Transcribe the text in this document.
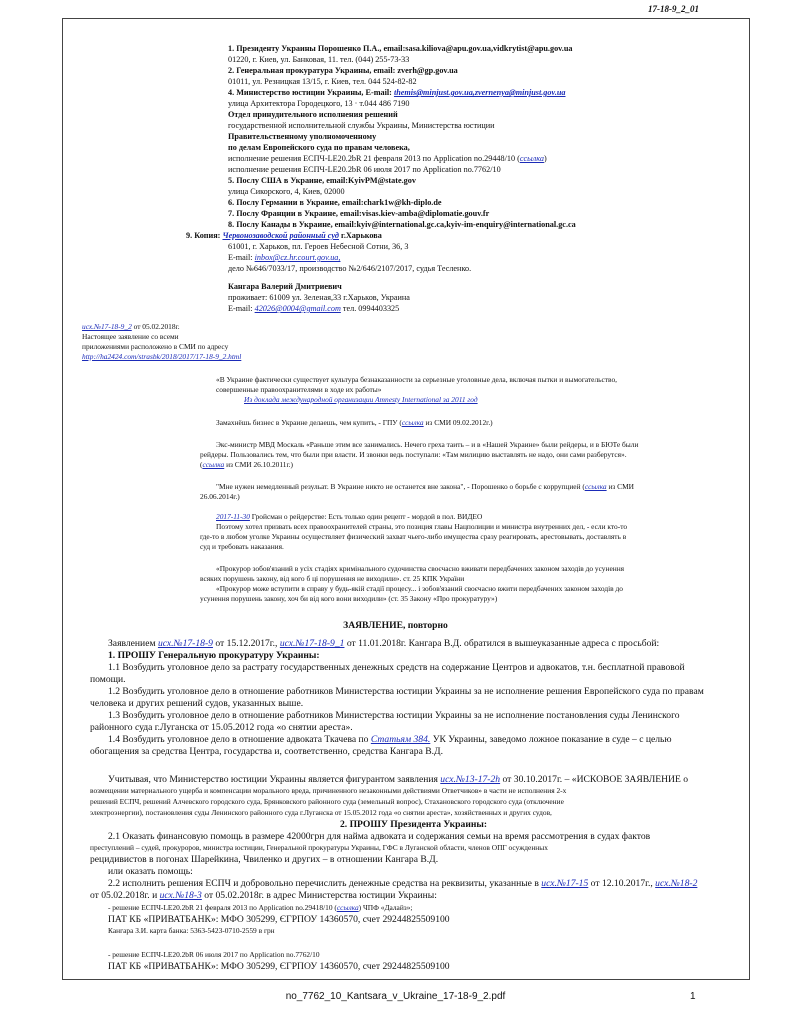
17-18-9_2_01
1. Президенту Украины Порошенко П.А., email:sasa.kiliova@apu.gov.ua,vidkrytist@apu.gov.ua
01220, г. Киев, ул. Банковая, 11. тел. (044) 255-73-33
2. Генеральная прокуратура Украины, email: zverh@gp.gov.ua
01011, ул. Резницкая 13/15, г. Киев, тел. 044 524-82-82
4. Министерство юстиции Украины, E-mail: themis@minjust.gov.ua,zvernenya@minjust.gov.ua
улица Архитектора Городецкого, 13 · т.044 486 7190
Отдел принудительного исполнения решений
государственной исполнительной службы Украины, Министерства юстиции
Правительственному уполномоченному
по делам Европейского суда по правам человека,
исполнение решения ЕСПЧ-LE20.2bR 21 февраля 2013 по Application no.29448/10 (ссылка)
исполнение решения ЕСПЧ-LE20.2bR 06 июля 2017 по Application no.7762/10
5. Послу США в Украине, email:KyivPM@state.gov
улица Сикорского, 4, Киев, 02000
6. Послу Германии в Украине, email:chark1w@kh-diplo.de
7. Послу Франции в Украине, email:visas.kiev-amba@diplomatie.gouv.fr
8. Послу Канады в Украине, email:kyiv@international.gc.ca,kyiv-im-enquiry@international.gc.ca
9. Копия: Червонозаводской районный суд г.Харькова
61001, г. Харьков, пл. Героев Небесной Сотни, 36, 3
E-mail: inbox@cz.hr.court.gov.ua,
дело №646/7033/17, производство №2/646/2107/2017, судья Тесленко.
Кангара Валерий Дмитриевич
проживает: 61009 ул. Зеленая,33 г.Харьков, Украина
E-mail: 42026@0004@gmail.com тел. 0994403325
исх.№17-18-9_2 от 05.02.2018г.
Настоящее заявление со всеми
приложениями расположено в СМИ по адресу
http://ha2424.com/strasbk/2018/2017/17-18-9_2.html
«В Украине фактически существует культура безнаказанности за серьезные уголовные дела, включая пытки и вымогательство,
совершенные правоохранителями в ходе их работы»
Из доклада международной организации Amnesty International за 2011 год
Замахнёшь бизнес в Украине делаешь, чем купить, - ГПУ (ссылка из СМИ 09.02.2012г.)
Экс-министр МВД Москаль «Раньше этим все занимались. Нечего греха таить – и в «Нашей Украине» были рейдеры, и в БЮТе были
рейдеры. Пользовались тем, что были при власти. И звонки ведь поступали: «Там милицию выставлять не надо, они сами разберутся».
(ссылка из СМИ 26.10.2011г.)
"Мне нужен немедленный резульат. В Украине никто не останется вне закона", - Порошенко о борьбе с коррупцией (ссылка из СМИ
26.06.2014г.)
2017-11-30 Гройсман о рейдерстве: Есть только один рецепт - мордой в пол. ВИДЕО
Поэтому хотел призвать всех правоохранителей страны, это позиция главы Нацполиции и министра внутренних дел, - если кто-то
где-то в любом уголке Украины осуществляет физический захват чьего-либо имущества сразу реагировать, арестовывать, доставлять в
суд и требовать наказания.
«Прокурор зобов'язаний в усіх стадіях кримінального судочинства своєчасно вживати передбачених законом заходів до усунення
всяких порушень закону, від кого б ці порушення не виходили». ст. 25 КПК України
«Прокурор може вступити в справу у будь-якій стадії процесу... і зобов'язаний своєчасно вжити передбачених законом заходів до
усунення порушень закону, хоч би від кого вони виходили» (ст. 35 Закону «Про прокуратуру»)
ЗАЯВЛЕНИЕ, повторно
Заявлением исх.№17-18-9 от 15.12.2017г., исх.№17-18-9_1 от 11.01.2018г. Кангара В.Д. обратился в вышеуказанные адреса с просьбой:
1. ПРОШУ Генеральную прокуратуру Украины:
1.1 Возбудить уголовное дело за растрату государственных денежных средств на содержание Центров и адвокатов, т.н. бесплатной правовой
помощи.
1.2 Возбудить уголовное дело в отношение работников Министерства юстиции Украины за не исполнение решения Европейского суда по правам
человека и других решений судов, указанных выше.
1.3 Возбудить уголовное дело в отношение работников Министерства юстиции Украины за не исполнение постановления суды Ленинского
районного суда г.Луганска от 15.05.2012 года «о снятии ареста».
1.4 Возбудить уголовное дело в отношение адвоката Ткачева по Статьям 384. УК Украины, заведомо ложное показание в суде – с целью
обогащения за средства Центра, государства и, соответственно, средства Кангара В.Д.
Учитывая, что Министерство юстиции Украины является фигурантом заявления исх.№13-17-2h от 30.10.2017г. – «ИСКОВОЕ ЗАЯВЛЕНИЕ о
возмещении материального ущерба и компенсации морального вреда, причиненного незаконными действиями Ответчиков» в части не исполнения 2-х
решений ЕСПЧ, решений Алчевского городского суда, Брянковского районного суда (земельный вопрос), Стахановского городского суда (отключение
электроэнергии), постановления суды Ленинского районного суда г.Луганска от 15.05.2012 года «о снятии ареста», хозяйственных и других судов,
2. ПРОШУ Президента Украины:
2.1 Оказать финансовую помощь в размере 42000грн для найма адвоката и содержания семьи на время рассмотрения в судах фактов
преступлений – судей, прокуроров, министра юстиции, Генеральной прокуратуры Украины, ГФС в Луганской области, членов ОПГ осужденных
рецидивистов в погонах Шарейкина, Чвиленко и других – в отношении Кангара В.Д.
или оказать помощь:
2.2 исполнить решения ЕСПЧ и добровольно перечислить денежные средства на реквизиты, указанные в исх.№17-15 от 12.10.2017г., исх.№18-2
от 05.02.2018г. и исх.№18-3 от 05.02.2018г. в адрес Министерства юстиции Украины:
- решение ЕСПЧ-LE20.2bR 21 февраля 2013 по Application no.29418/10 (ссылка) ЧПФ «Далайз»;
ПАТ КБ «ПРИВАТБАНК»: МФО 305299, ЄГРПОУ 14360570, счет 29244825509100
Кангара З.И. карта банка: 5363-5423-0710-2559 в грн
- решение ЕСПЧ-LE20.2bR 06 июля 2017 по Application no.7762/10
ПАТ КБ «ПРИВАТБАНК»: МФО 305299, ЄГРПОУ 14360570, счет 29244825509100
no_7762_10_Kantsara_v_Ukraine_17-18-9_2.pdf	1
